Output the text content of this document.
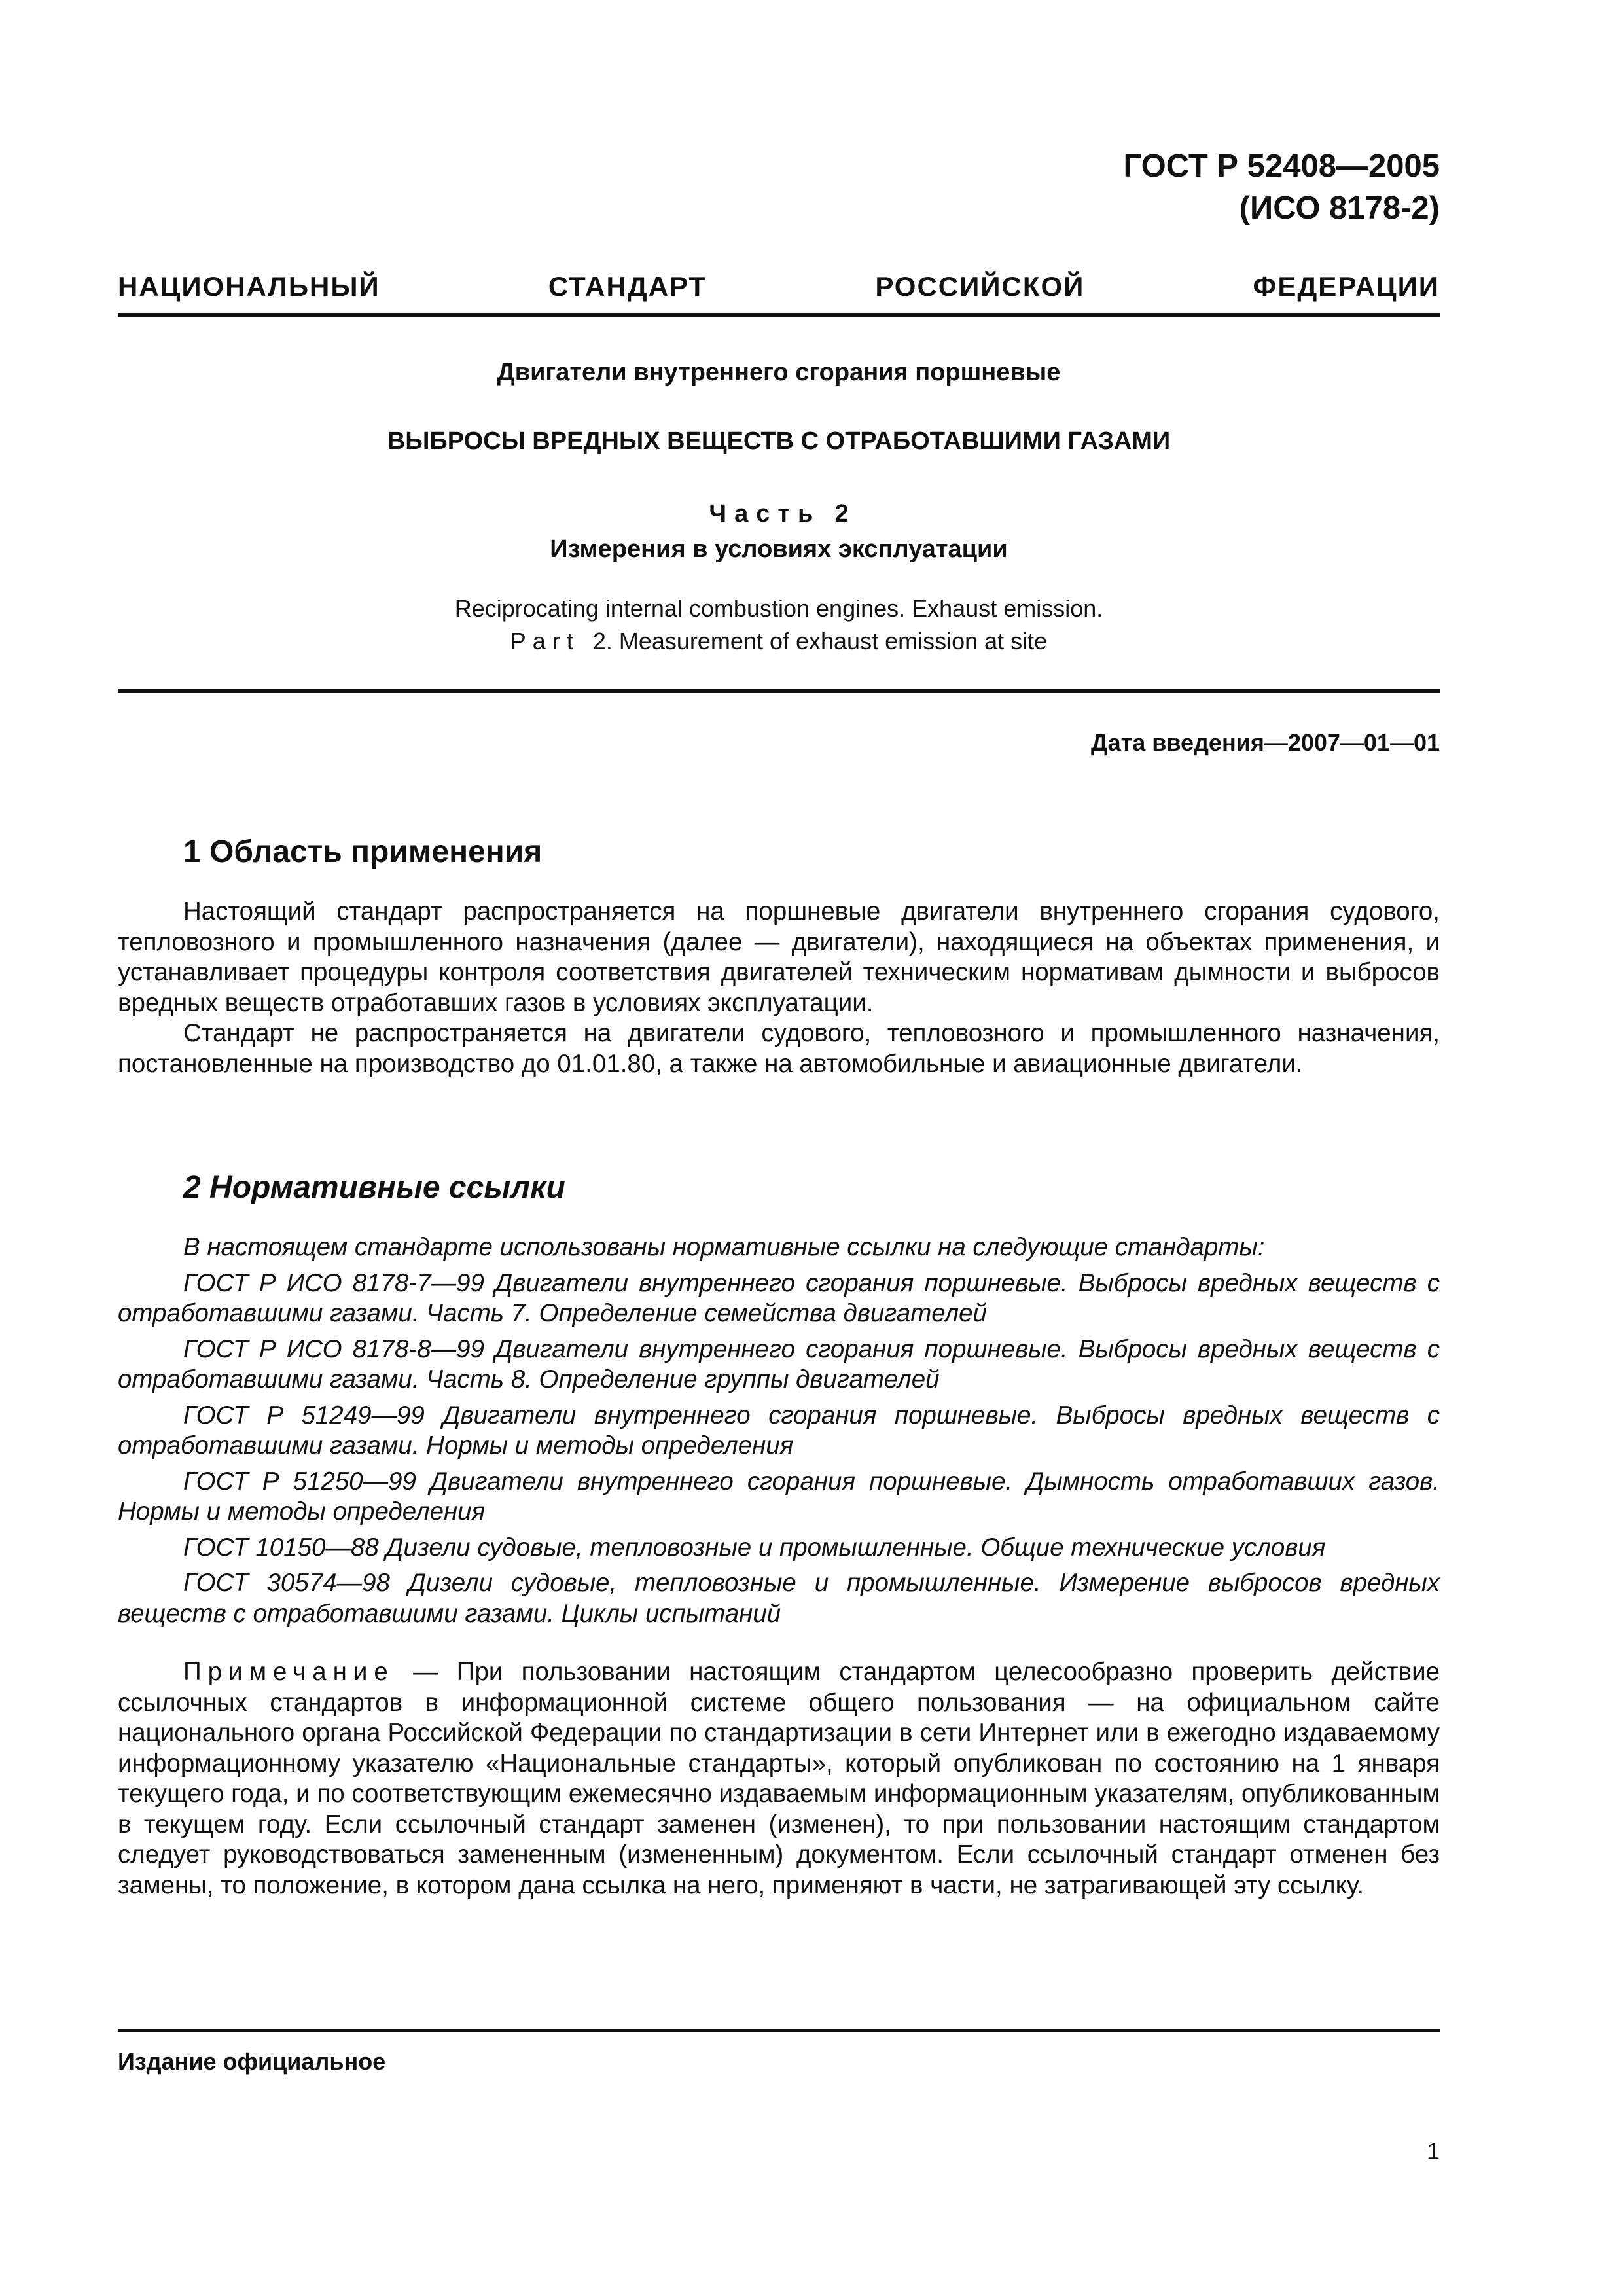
ГОСТ Р 52408—2005
(ИСО 8178-2)
НАЦИОНАЛЬНЫЙ СТАНДАРТ РОССИЙСКОЙ ФЕДЕРАЦИИ
Двигатели внутреннего сгорания поршневые
ВЫБРОСЫ ВРЕДНЫХ ВЕЩЕСТВ С ОТРАБОТАВШИМИ ГАЗАМИ
Часть 2
Измерения в условиях эксплуатации
Reciprocating internal combustion engines. Exhaust emission.
Part 2. Measurement of exhaust emission at site
Дата введения—2007—01—01
1 Область применения

Настоящий стандарт распространяется на поршневые двигатели внутреннего сгорания судового, тепловозного и промышленного назначения (далее — двигатели), находящиеся на объектах применения, и устанавливает процедуры контроля соответствия двигателей техническим нормативам дымности и выбросов вредных веществ отработавших газов в условиях эксплуатации.

Стандарт не распространяется на двигатели судового, тепловозного и промышленного назначения, постановленные на производство до 01.01.80, а также на автомобильные и авиационные двигатели.

2 Нормативные ссылки

В настоящем стандарте использованы нормативные ссылки на следующие стандарты:

ГОСТ Р ИСО 8178-7—99 Двигатели внутреннего сгорания поршневые. Выбросы вредных веществ с отработавшими газами. Часть 7. Определение семейства двигателей

ГОСТ Р ИСО 8178-8—99 Двигатели внутреннего сгорания поршневые. Выбросы вредных веществ с отработавшими газами. Часть 8. Определение группы двигателей

ГОСТ Р 51249—99 Двигатели внутреннего сгорания поршневые. Выбросы вредных веществ с отработавшими газами. Нормы и методы определения

ГОСТ Р 51250—99 Двигатели внутреннего сгорания поршневые. Дымность отработавших газов. Нормы и методы определения

ГОСТ 10150—88 Дизели судовые, тепловозные и промышленные. Общие технические условия

ГОСТ 30574—98 Дизели судовые, тепловозные и промышленные. Измерение выбросов вредных веществ с отработавшими газами. Циклы испытаний

Примечание — При пользовании настоящим стандартом целесообразно проверить действие ссылочных стандартов в информационной системе общего пользования — на официальном сайте национального органа Российской Федерации по стандартизации в сети Интернет или в ежегодно издаваемому информационному указателю «Национальные стандарты», который опубликован по состоянию на 1 января текущего года, и по соответствующим ежемесячно издаваемым информационным указателям, опубликованным в текущем году. Если ссылочный стандарт заменен (изменен), то при пользовании настоящим стандартом следует руководствоваться замененным (измененным) документом. Если ссылочный стандарт отменен без замены, то положение, в котором дана ссылка на него, применяют в части, не затрагивающей эту ссылку.

Издание официальное
1
